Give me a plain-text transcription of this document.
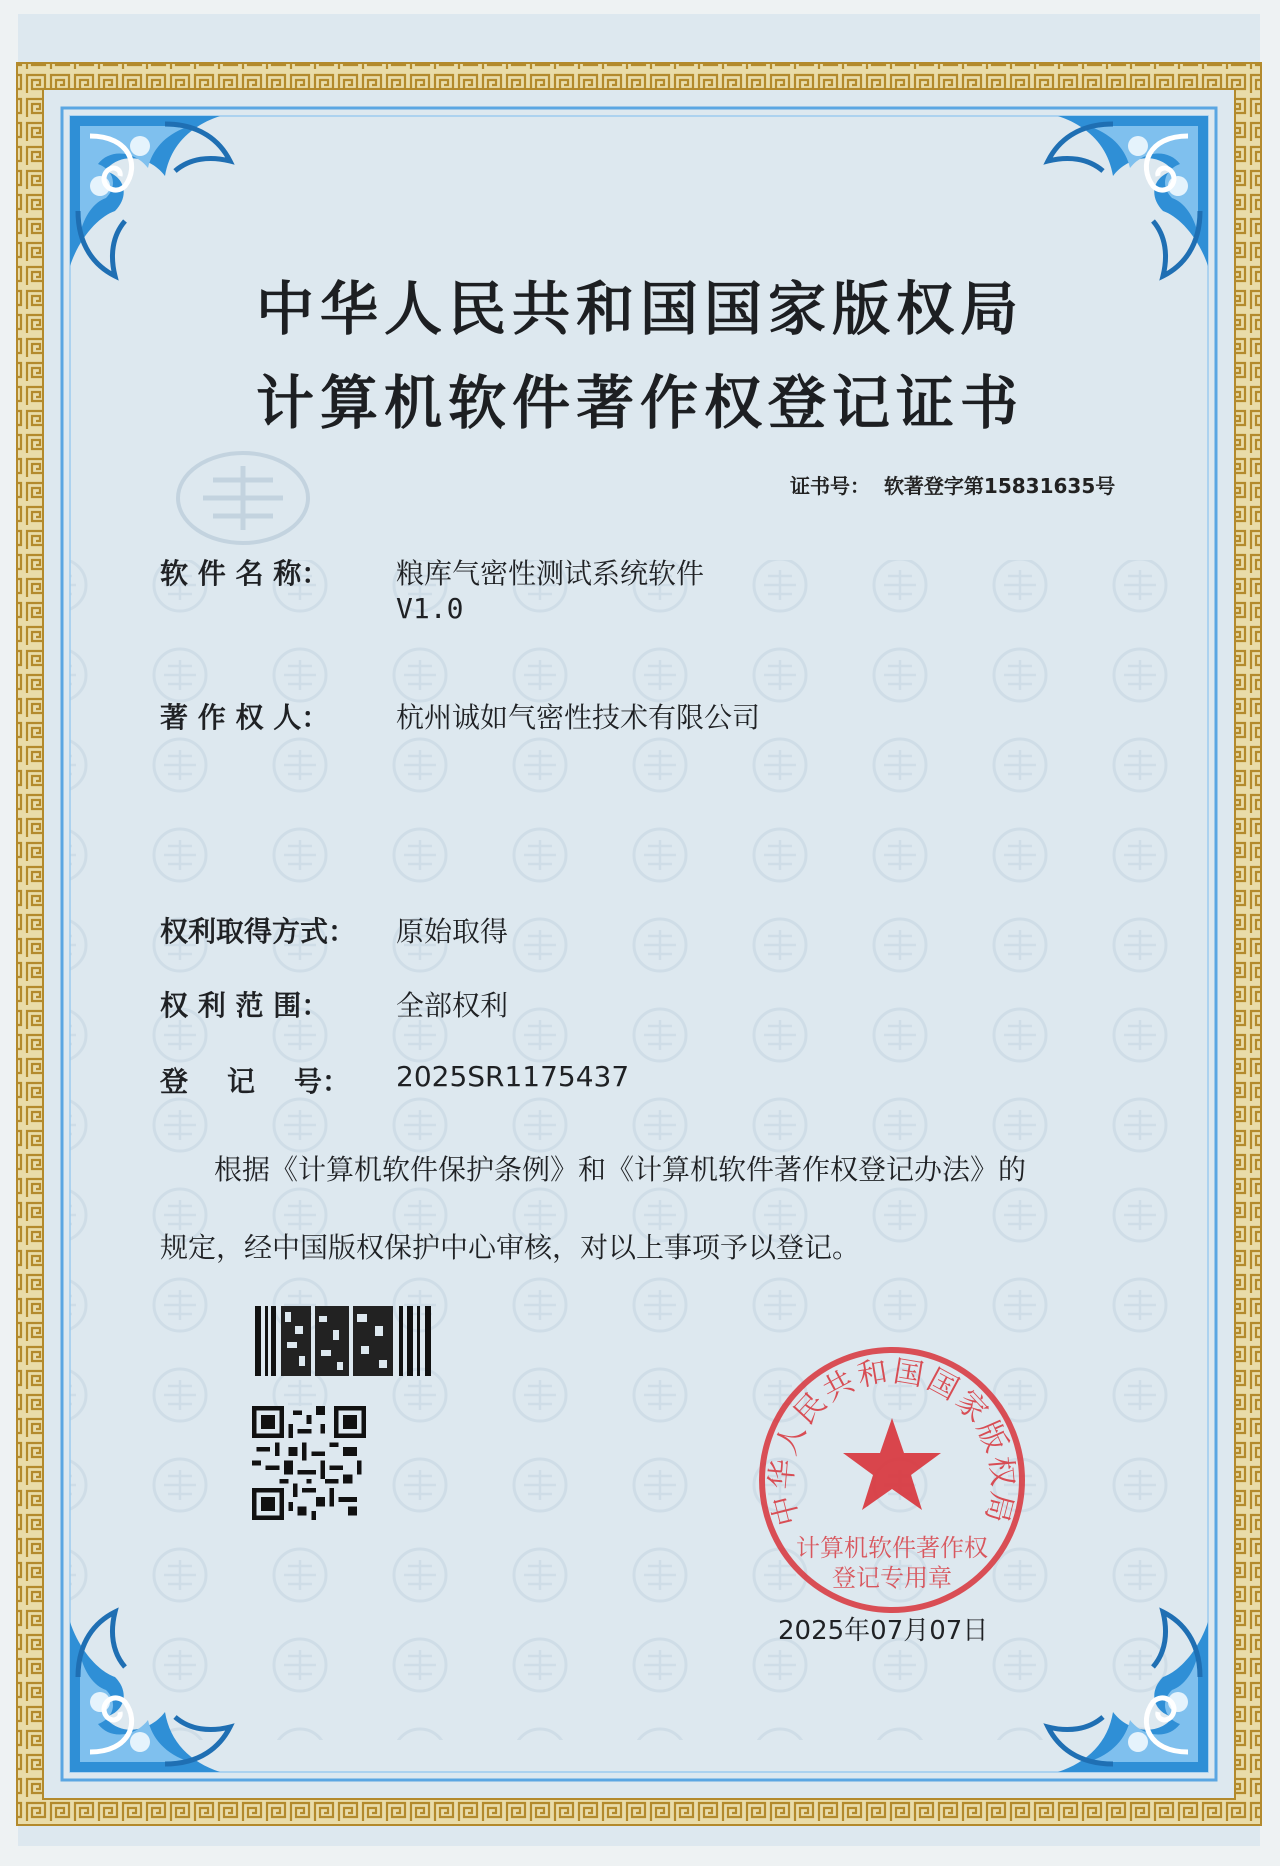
中华人民共和国国家版权局
计算机软件著作权登记证书
证书号： 软著登字第15831635号
软 件 名 称： 粮库气密性测试系统软件
V1.0
著 作 权 人： 杭州诚如气密性技术有限公司
权利取得方式： 原始取得
权 利 范 围： 全部权利
登    记    号： 2025SR1175437
根据《计算机软件保护条例》和《计算机软件著作权登记办法》的
规定，经中国版权保护中心审核，对以上事项予以登记。
中华人民共和国国家版权局
计算机软件著作权
登记专用章
2025年07月07日
